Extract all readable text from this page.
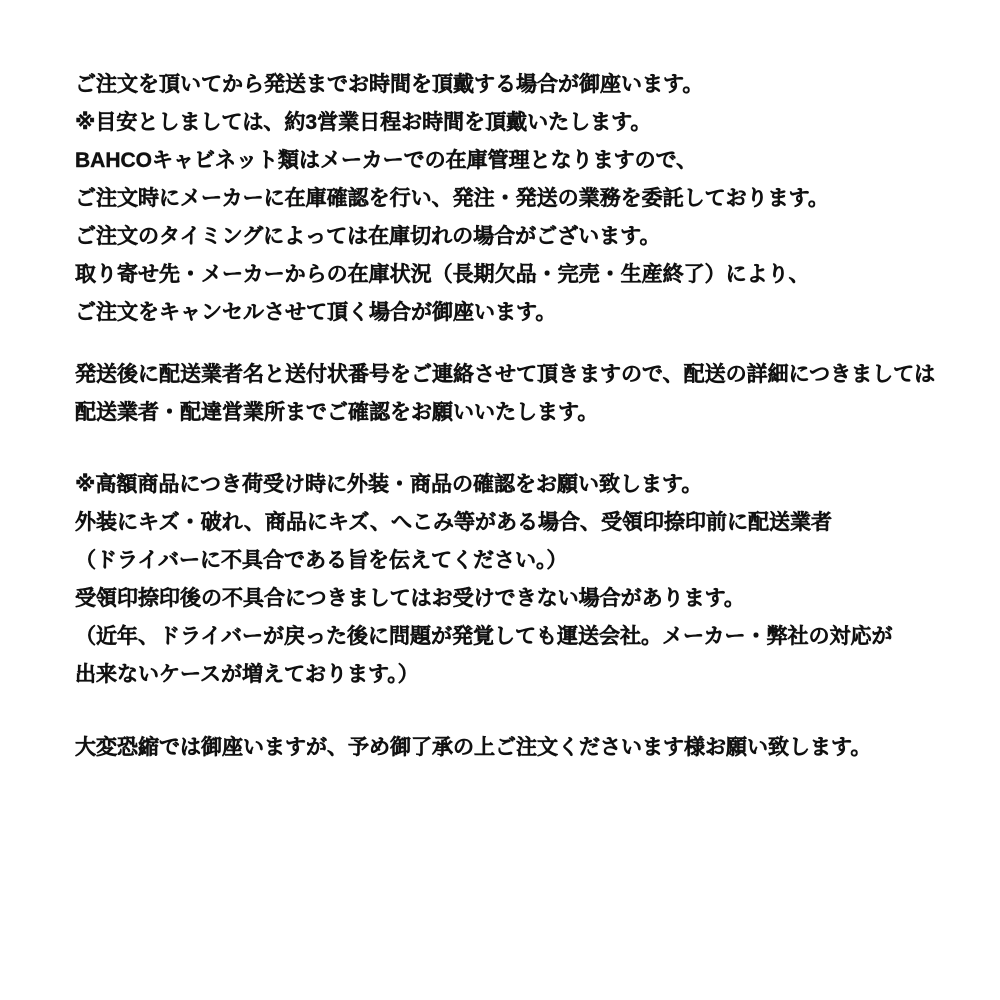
ご注文を頂いてから発送までお時間を頂戴する場合が御座います。
※目安としましては、約3営業日程お時間を頂戴いたします。
BAHCOキャビネット類はメーカーでの在庫管理となりますので、
ご注文時にメーカーに在庫確認を行い、発注・発送の業務を委託しております。
ご注文のタイミングによっては在庫切れの場合がございます。
取り寄せ先・メーカーからの在庫状況（長期欠品・完売・生産終了）により、
ご注文をキャンセルさせて頂く場合が御座います。
発送後に配送業者名と送付状番号をご連絡させて頂きますので、配送の詳細につきましては
配送業者・配達営業所までご確認をお願いいたします。
※高額商品につき荷受け時に外装・商品の確認をお願い致します。
外装にキズ・破れ、商品にキズ、へこみ等がある場合、受領印捺印前に配送業者
（ドライバーに不具合である旨を伝えてください。）
受領印捺印後の不具合につきましてはお受けできない場合があります。
（近年、ドライバーが戻った後に問題が発覚しても運送会社。メーカー・弊社の対応が
出来ないケースが増えております。）
大変恐縮では御座いますが、予め御了承の上ご注文くださいます様お願い致します。
